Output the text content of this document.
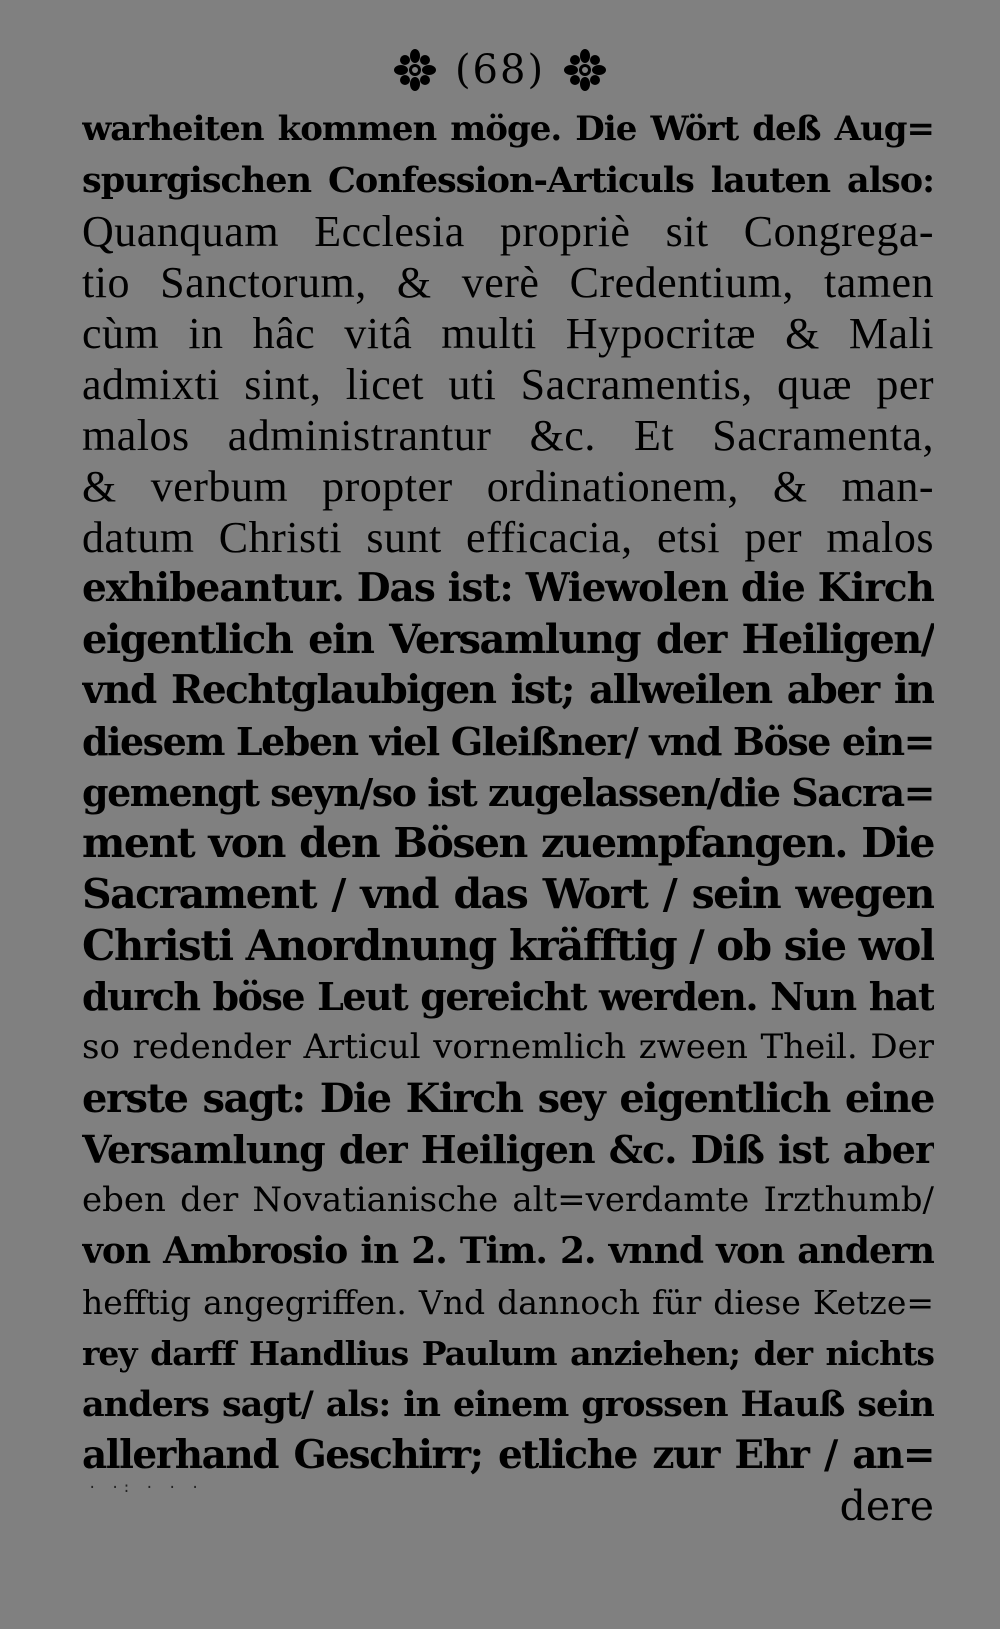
(68)
warheiten kommen möge. Die Wört deß Aug=
spurgischen Confession-Articuls lauten also:
Quanquam Ecclesia propriè sit Congrega-
tio Sanctorum, & verè Credentium, tamen
cùm in hâc vitâ multi Hypocritæ & Mali
admixti sint, licet uti Sacramentis, quæ per
malos administrantur &c. Et Sacramenta,
& verbum propter ordinationem, & man-
datum Christi sunt efficacia, etsi per malos
exhibeantur. Das ist: Wiewolen die Kirch
eigentlich ein Versamlung der Heiligen/
vnd Rechtglaubigen ist; allweilen aber in
diesem Leben viel Gleißner/ vnd Böse ein=
gemengt seyn/so ist zugelassen/die Sacra=
ment von den Bösen zuempfangen. Die
Sacrament / vnd das Wort / sein wegen
Christi Anordnung kräfftig / ob sie wol
durch böse Leut gereicht werden. Nun hat
so redender Articul vornemlich zween Theil. Der
erste sagt: Die Kirch sey eigentlich eine
Versamlung der Heiligen &c. Diß ist aber
eben der Novatianische alt=verdamte Irzthumb/
von Ambrosio in 2. Tim. 2. vnnd von andern
hefftig angegriffen. Vnd dannoch für diese Ketze=
rey darff Handlius Paulum anziehen; der nichts
anders sagt/ als: in einem grossen Hauß sein
allerhand Geschirr; etliche zur Ehr / an=
dere
· ·: · · ·
